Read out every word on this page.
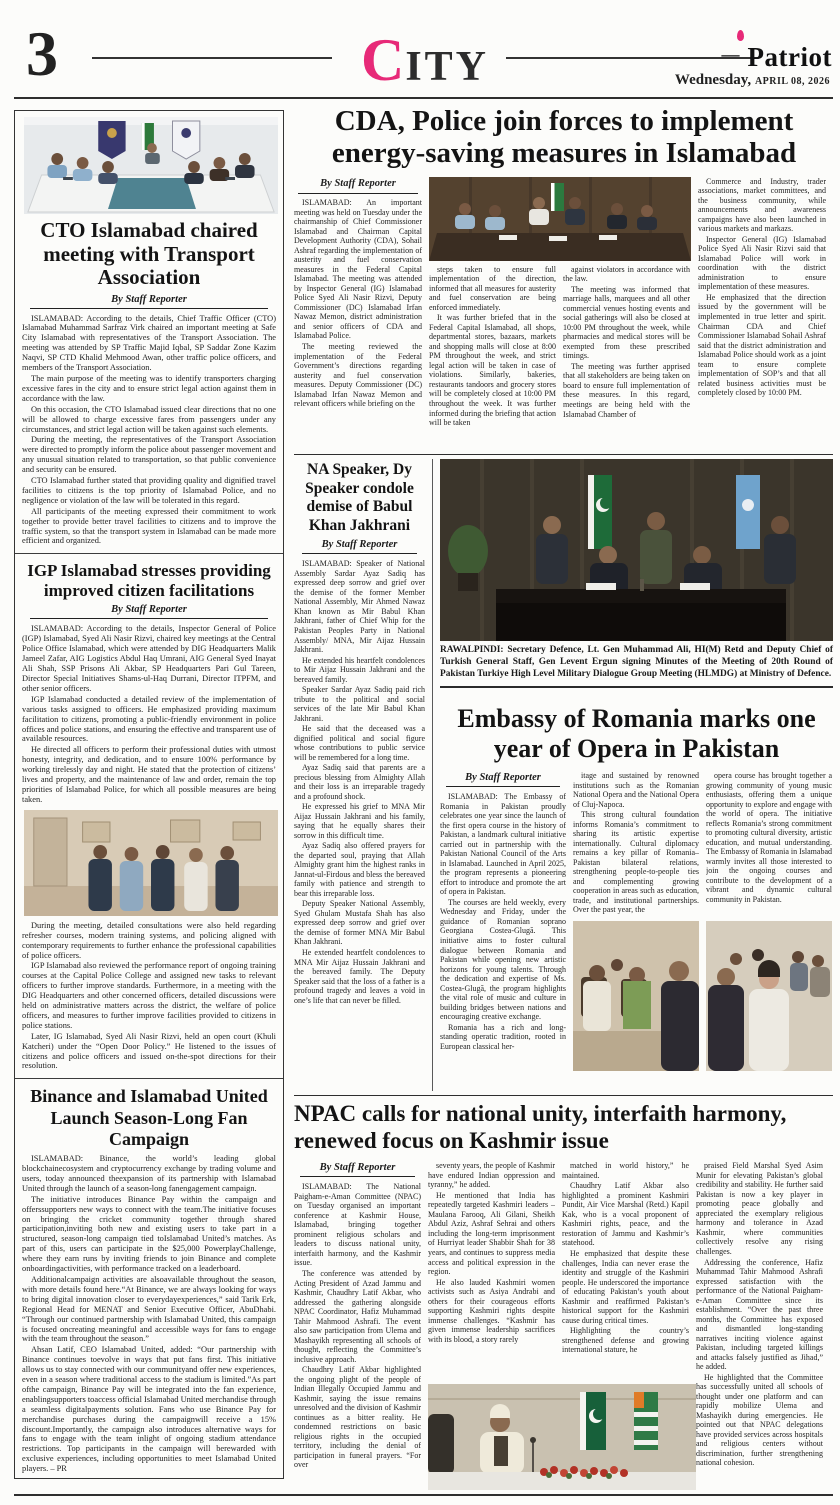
3	CITY	— Patriot
Wednesday, APRIL 08, 2026
CTO Islamabad chaired meeting with Transport Association
By Staff Reporter

ISLAMABAD: According to the details, Chief Traffic Officer (CTO) Islamabad Muhammad Sarfraz Virk chaired an important meeting at Safe City Islamabad with representatives of the Transport Association. The meeting was attended by SP Traffic Majid Iqbal, SP Saddar Zone Kazim Naqvi, SP CTD Khalid Mehmood Awan, other traffic police officers, and members of the Transport Association.

The main purpose of the meeting was to identify transporters charging excessive fares in the city and to ensure strict legal action against them in accordance with the law.

On this occasion, the CTO Islamabad issued clear directions that no one will be allowed to charge excessive fares from passengers under any circumstances, and strict legal action will be taken against such elements.

During the meeting, the representatives of the Transport Association were directed to promptly inform the police about passenger movement and any unusual situation related to transportation, so that public convenience and security can be ensured.

CTO Islamabad further stated that providing quality and dignified travel facilities to citizens is the top priority of Islamabad Police, and no negligence or violation of the law will be tolerated in this regard.

All participants of the meeting expressed their commitment to work together to provide better travel facilities to citizens and to improve the traffic system, so that the transport system in Islamabad can be made more efficient and organized.

IGP Islamabad stresses providing improved citizen facilitations
By Staff Reporter

ISLAMABAD: According to the details, Inspector General of Police (IGP) Islamabad, Syed Ali Nasir Rizvi, chaired key meetings at the Central Police Office Islamabad, which were attended by DIG Headquarters Malik Jameel Zafar, AIG Logistics Abdul Haq Umrani, AIG General Syed Inayat Ali Shah, SSP Prisons Ali Akbar, SP Headquarters Pari Gul Tareen, Director Special Initiatives Shams-ul-Haq Durrani, Director ITPFM, and other senior officers.

IGP Islamabad conducted a detailed review of the implementation of various tasks assigned to officers. He emphasized providing maximum facilitation to citizens, promoting a public-friendly environment in police offices and police stations, and ensuring the effective and transparent use of available resources.

He directed all officers to perform their professional duties with utmost honesty, integrity, and dedication, and to ensure 100% performance by working tirelessly day and night. He stated that the protection of citizens’ lives and property, and the maintenance of law and order, remain the top priorities of Islamabad Police, for which all possible measures are being taken.

During the meeting, detailed consultations were also held regarding refresher courses, modern training systems, and policing aligned with contemporary requirements to further enhance the professional capabilities of police officers.

IGP Islamabad also reviewed the performance report of ongoing training courses at the Capital Police College and assigned new tasks to relevant officers to further improve standards. Furthermore, in a meeting with the DIG Headquarters and other concerned officers, detailed discussions were held on administrative matters across the district, the welfare of police officers, and measures to further improve facilities provided to citizens in police stations.

Later, IG Islamabad, Syed Ali Nasir Rizvi, held an open court (Khuli Katcheri) under the “Open Door Policy.” He listened to the issues of citizens and police officers and issued on-the-spot directions for their resolution.

Binance and Islamabad United Launch Season-Long Fan Campaign

ISLAMABAD: Binance, the world’s leading global blockchainecosystem and cryptocurrency exchange by trading volume and users, today announced theexpansion of its partnership with Islamabad United through the launch of a season-long fanengagement campaign.

The initiative introduces Binance Pay within the campaign and offerssupporters new ways to connect with the team.The initiative focuses on bringing the cricket community together through shared participation,inviting both new and existing users to take part in a structured, season-long campaign tied toIslamabad United’s matches. As part of this, users can participate in the $25,000 PowerplayChallenge, where they earn runs by inviting friends to join Binance and complete onboardingactivities, with performance tracked on a leaderboard.

Additionalcampaign activities are alsoavailable throughout the season, with more details found here.“At Binance, we are always looking for ways to bring digital innovation closer to everydayexperiences,” said Tarik Erk, Regional Head for MENAT and Senior Executive Officer, AbuDhabi. “Through our continued partnership with Islamabad United, this campaign is focused oncreating meaningful and accessible ways for fans to engage with the team throughout the season.”

Ahsan Latif, CEO Islamabad United, added: “Our partnership with Binance continues toevolve in ways that put fans first. This initiative allows us to stay connected with our communityand offer new experiences, even in a season where traditional access to the stadium is limited.”As part ofthe campaign, Binance Pay will be integrated into the fan experience, enablingsupporters toaccess official Islamabad United merchandise through a seamless digitalpayments solution. Fans who use Binance Pay for merchandise purchases during the campaignwill receive a 15% discount.Importantly, the campaign also introduces alternative ways for fans to engage with the team inlight of ongoing stadium attendance restrictions. Top participants in the campaign will berewarded with exclusive experiences, including opportunities to meet Islamabad United players. – PR

CDA, Police join forces to implement energy-saving measures in Islamabad
By Staff Reporter

ISLAMABAD: An important meeting was held on Tuesday under the chairmanship of Chief Commissioner Islamabad and Chairman Capital Development Authority (CDA), Sohail Ashraf regarding the implementation of austerity and fuel conservation measures in the Federal Capital Islamabad. The meeting was attended by Inspector General (IG) Islamabad Police Syed Ali Nasir Rizvi, Deputy Commissioner (DC) Islamabad Irfan Nawaz Memon, district administration and senior officers of CDA and Islamabad Police.

The meeting reviewed the implementation of the Federal Government’s directions regarding austerity and fuel conservation measures. Deputy Commissioner (DC) Islamabad Irfan Nawaz Memon and relevant officers while briefing on the

steps taken to ensure full implementation of the direction, informed that all measures for austerity and fuel conservation are being enforced immediately.

It was further briefed that in the Federal Capital Islamabad, all shops, departmental stores, bazaars, markets and shopping malls will close at 8:00 PM throughout the week, and strict legal action will be taken in case of violations. Similarly, bakeries, restaurants tandoors and grocery stores will be completely closed at 10:00 PM throughout the week. It was further informed during the briefing that action will be taken

against violators in accordance with the law.

The meeting was informed that marriage halls, marquees and all other commercial venues hosting events and social gatherings will also be closed at 10:00 PM throughout the week, while pharmacies and medical stores will be exempted from these prescribed timings.

The meeting was further apprised that all stakeholders are being taken on board to ensure full implementation of these measures. In this regard, meetings are being held with the Islamabad Chamber of

Commerce and Industry, trader associations, market committees, and the business community, while announcements and awareness campaigns have also been launched in various markets and markazs.

Inspector General (IG) Islamabad Police Syed Ali Nasir Rizvi said that Islamabad Police will work in coordination with the district administration to ensure implementation of these measures.

He emphasized that the direction issued by the government will be implemented in true letter and spirit. Chairman CDA and Chief Commissioner Islamabad Sohail Ashraf said that the district administration and Islamabad Police should work as a joint team to ensure complete implementation of SOP’s and that all related business activities must be completely closed by 10:00 PM.

NA Speaker, Dy Speaker condole demise of Babul Khan Jakhrani
By Staff Reporter

ISLAMABAD: Speaker of National Assembly Sardar Ayaz Sadiq has expressed deep sorrow and grief over the demise of the former Member National Assembly, Mir Ahmed Nawaz Khan known as Mir Babul Khan Jakhrani, father of Chief Whip for the Pakistan Peoples Party in National Assembly/ MNA, Mir Aijaz Hussain Jakhrani.

He extended his heartfelt condolences to Mir Aijaz Hussain Jakhrani and the bereaved family.

Speaker Sardar Ayaz Sadiq paid rich tribute to the political and social services of the late Mir Babul Khan Jakhrani.

He said that the deceased was a dignified political and social figure whose contributions to public service will be remembered for a long time.

Ayaz Sadiq said that parents are a precious blessing from Almighty Allah and their loss is an irreparable tragedy and a profound shock.

He expressed his grief to MNA Mir Aijaz Hussain Jakhrani and his family, saying that he equally shares their sorrow in this difficult time.

Ayaz Sadiq also offered prayers for the departed soul, praying that Allah Almighty grant him the highest ranks in Jannat-ul-Firdous and bless the bereaved family with patience and strength to bear this irreparable loss.

Deputy Speaker National Assembly, Syed Ghulam Mustafa Shah has also expressed deep sorrow and grief over the demise of former MNA Mir Babul Khan Jakhrani.

He extended heartfelt condolences to MNA Mir Aijaz Hussain Jakhrani and the bereaved family. The Deputy Speaker said that the loss of a father is a profound tragedy and leaves a void in one’s life that can never be filled.

RAWALPINDI: Secretary Defence, Lt. Gen Muhammad Ali, HI(M) Retd and Deputy Chief of Turkish General Staff, Gen Levent Ergun signing Minutes of the Meeting of 20th Round of Pakistan Turkiye High Level Military Dialogue Group Meeting (HLMDG) at Ministry of Defence.
Embassy of Romania marks one year of Opera in Pakistan
By Staff Reporter

ISLAMABAD: The Embassy of Romania in Pakistan proudly celebrates one year since the launch of the first opera course in the history of Pakistan, a landmark cultural initiative carried out in partnership with the Pakistan National Council of the Arts in Islamabad. Launched in April 2025, the program represents a pioneering effort to introduce and promote the art of opera in Pakistan.

The courses are held weekly, every Wednesday and Friday, under the guidance of Romanian soprano Georgiana Costea-Glugă. This initiative aims to foster cultural dialogue between Romania and Pakistan while opening new artistic horizons for young talents. Through the dedication and expertise of Ms. Costea-Glugă, the program highlights the vital role of music and culture in building bridges between nations and encouraging creative exchange.

Romania has a rich and long-standing operatic tradition, rooted in European classical her-

itage and sustained by renowned institutions such as the Romanian National Opera and the National Opera of Cluj-Napoca.

This strong cultural foundation informs Romania’s commitment to sharing its artistic expertise internationally. Cultural diplomacy remains a key pillar of Romania–Pakistan bilateral relations, strengthening people-to-people ties and complementing growing cooperation in areas such as education, trade, and institutional partnerships. Over the past year, the

opera course has brought together a growing community of young music enthusiasts, offering them a unique opportunity to explore and engage with the world of opera. The initiative reflects Romania’s strong commitment to promoting cultural diversity, artistic education, and mutual understanding. The Embassy of Romania in Islamabad warmly invites all those interested to join the ongoing courses and contribute to the development of a vibrant and dynamic cultural community in Pakistan.

NPAC calls for national unity, interfaith harmony, renewed focus on Kashmir issue
By Staff Reporter

ISLAMABAD: The National Paigham-e-Aman Committee (NPAC) on Tuesday organised an important conference at Kashmir House, Islamabad, bringing together prominent religious scholars and leaders to discuss national unity, interfaith harmony, and the Kashmir issue.

The conference was attended by Acting President of Azad Jammu and Kashmir, Chaudhry Latif Akbar, who addressed the gathering alongside NPAC Coordinator, Hafiz Muhammad Tahir Mahmood Ashrafi. The event also saw participation from Ulema and Mashayikh representing all schools of thought, reflecting the Committee’s inclusive approach.

Chaudhry Latif Akbar highlighted the ongoing plight of the people of Indian Illegally Occupied Jammu and Kashmir, saying the issue remains unresolved and the division of Kashmir continues as a bitter reality. He condemned restrictions on basic religious rights in the occupied territory, including the denial of participation in funeral prayers. “For over

seventy years, the people of Kashmir have endured Indian oppression and tyranny,” he added.

He mentioned that India has repeatedly targeted Kashmiri leaders – Maulana Farooq, Ali Gilani, Sheikh Abdul Aziz, Ashraf Sehrai and others including the long-term imprisonment of Hurriyat leader Shabbir Shah for 38 years, and continues to suppress media access and political expression in the region.

He also lauded Kashmiri women activists such as Asiya Andrabi and others for their courageous efforts supporting Kashmiri rights despite immense challenges. “Kashmir has given immense leadership sacrifices with its blood, a story rarely

matched in world history,” he maintained.

Chaudhry Latif Akbar also highlighted a prominent Kashmiri Pundit, Air Vice Marshal (Retd.) Kapil Kak, who is a vocal proponent of Kashmiri rights, peace, and the restoration of Jammu and Kashmir’s statehood.

He emphasized that despite these challenges, India can never erase the identity and struggle of the Kashmiri people. He underscored the importance of educating Pakistan’s youth about Kashmir and reaffirmed Pakistan’s historical support for the Kashmiri cause during critical times.

Highlighting the country’s strengthened defense and growing international stature, he

praised Field Marshal Syed Asim Munir for elevating Pakistan’s global credibility and stability. He further said Pakistan is now a key player in promoting peace globally and appreciated the exemplary religious harmony and tolerance in Azad Kashmir, where communities collectively resolve any rising challenges.

Addressing the conference, Hafiz Muhammad Tahir Mahmood Ashrafi expressed satisfaction with the performance of the National Paigham-e-Aman Committee since its establishment. “Over the past three months, the Committee has exposed and dismantled long-standing narratives inciting violence against Pakistan, including targeted killings and attacks falsely justified as Jihad,” he added.

He highlighted that the Committee has successfully united all schools of thought under one platform and can rapidly mobilize Ulema and Mashayikh during emergencies. He pointed out that NPAC delegations have provided services across hospitals and religious centers without discrimination, further strengthening national cohesion.
